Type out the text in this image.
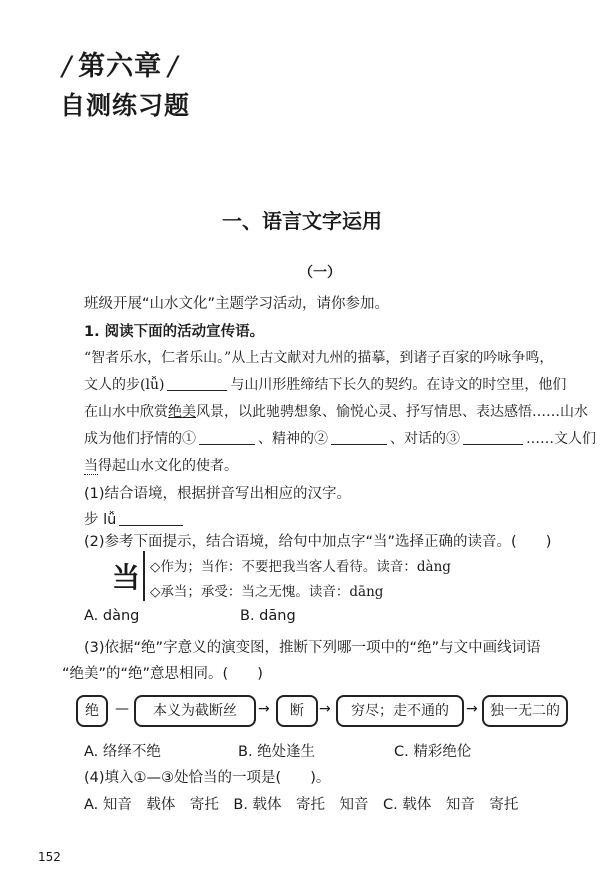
/ 第六章 /
自测练习题
一、语言文字运用
（一）
班级开展“山水文化”主题学习活动，请你参加。
1. 阅读下面的活动宣传语。
“智者乐水，仁者乐山。”从上古文献对九州的描摹，到诸子百家的吟咏争鸣，
文人的步(lǚ)	与山川形胜缔结下长久的契约。在诗文的时空里，他们
在山水中欣赏绝美风景，以此驰骋想象、愉悦心灵、抒写情思、表达感悟……山水
成为他们抒情的①	、精神的②	、对话的③	……文人们
当得起山水文化的使者。
(1)结合语境，根据拼音写出相应的汉字。
步 lǚ
(2)参考下面提示，结合语境，给句中加点字“当”选择正确的读音。(　　)
当 ◇作为；当作：不要把我当客人看待。读音：dàng
◇承当；承受：当之无愧。读音：dāng
A. dàng	B. dāng
(3)依据“绝”字意义的演变图，推断下列哪一项中的“绝”与文中画线词语
“绝美”的“绝”意思相同。(　　)
绝	—	本义为截断丝	→	断	→	穷尽；走不通的	→ 独一无二的
A. 络绎不绝	B. 绝处逢生	C. 精彩绝伦
(4)填入①—③处恰当的一项是(　　)。
A. 知音　载体　寄托　B. 载体　寄托　知音　C. 载体　知音　寄托
152
